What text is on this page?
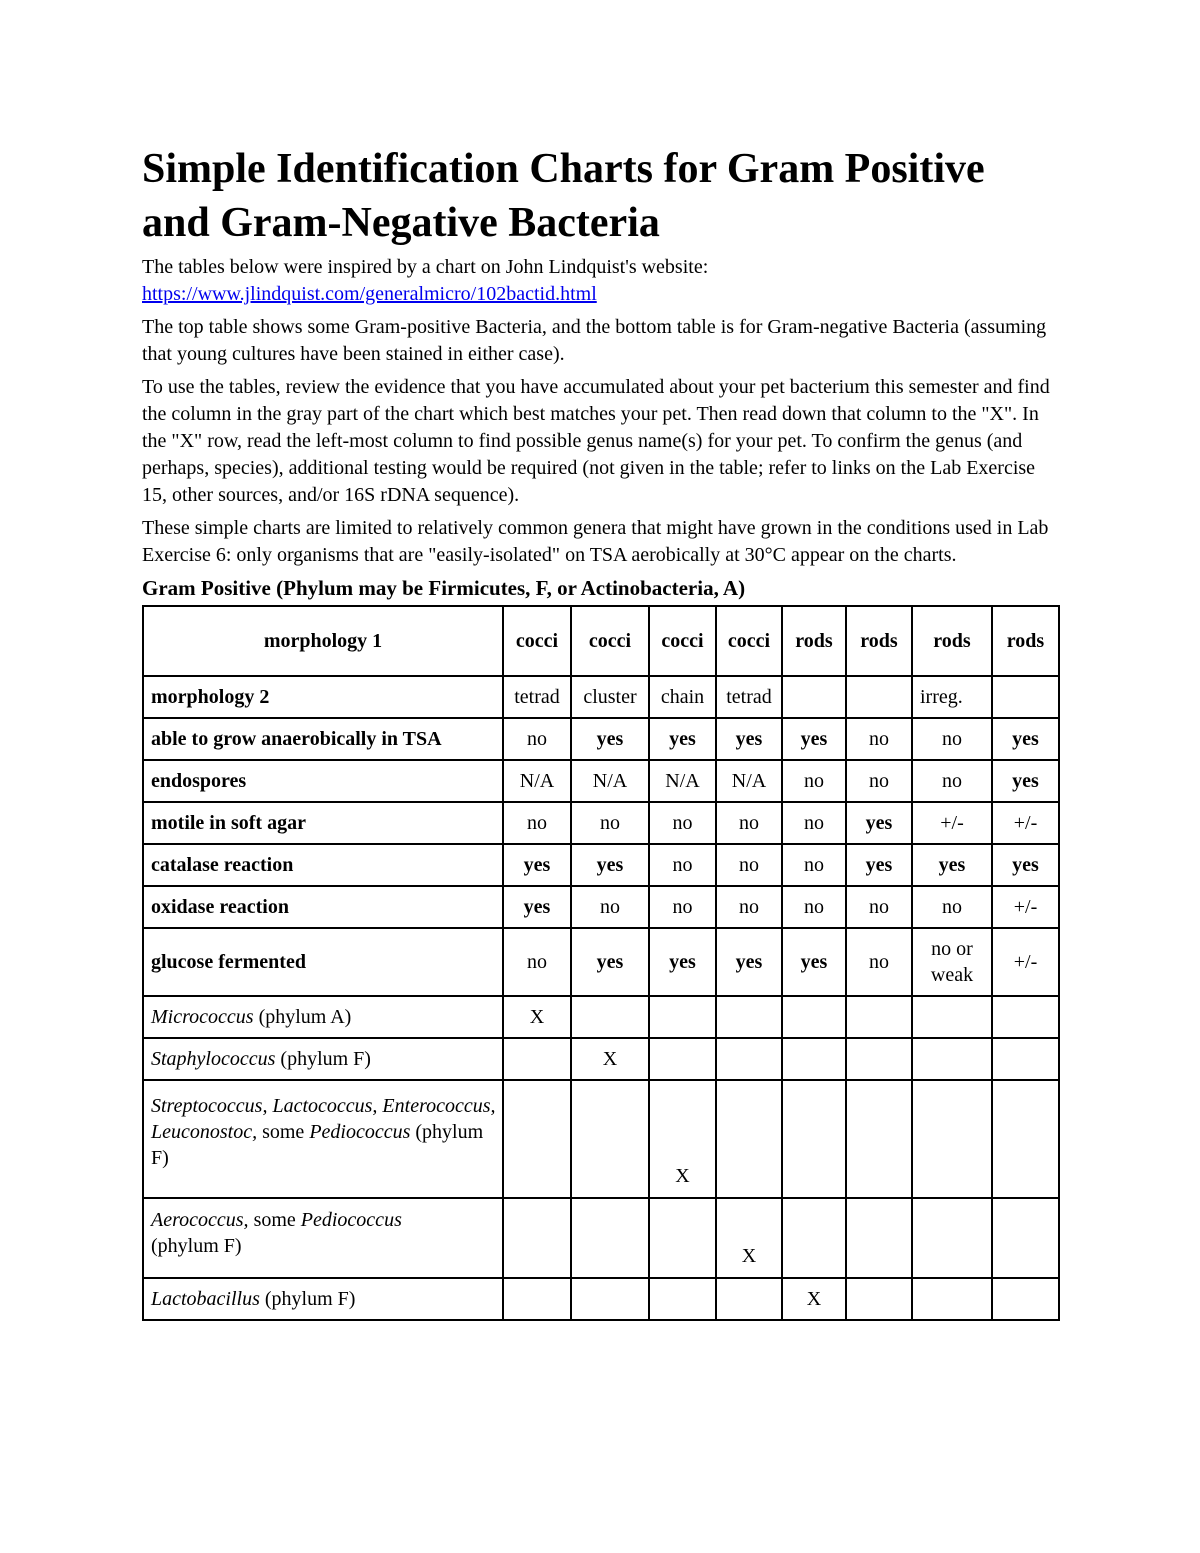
Simple Identification Charts for Gram Positive and Gram-Negative Bacteria

The tables below were inspired by a chart on John Lindquist's website:
https://www.jlindquist.com/generalmicro/102bactid.html

The top table shows some Gram-positive Bacteria, and the bottom table is for Gram-negative Bacteria (assuming that young cultures have been stained in either case).

To use the tables, review the evidence that you have accumulated about your pet bacterium this semester and find the column in the gray part of the chart which best matches your pet. Then read down that column to the "X". In the "X" row, read the left-most column to find possible genus name(s) for your pet. To confirm the genus (and perhaps, species), additional testing would be required (not given in the table; refer to links on the Lab Exercise 15, other sources, and/or 16S rDNA sequence).

These simple charts are limited to relatively common genera that might have grown in the conditions used in Lab Exercise 6: only organisms that are "easily-isolated" on TSA aerobically at 30°C appear on the charts.

Gram Positive (Phylum may be Firmicutes, F, or Actinobacteria, A)
morphology 1	cocci	cocci	cocci	cocci	rods	rods	rods	rods
morphology 2	tetrad	cluster	chain	tetrad			irreg.	
able to grow anaerobically in TSA	no	yes	yes	yes	yes	no	no	yes
endospores	N/A	N/A	N/A	N/A	no	no	no	yes
motile in soft agar	no	no	no	no	no	yes	+/-	+/-
catalase reaction	yes	yes	no	no	no	yes	yes	yes
oxidase reaction	yes	no	no	no	no	no	no	+/-
glucose fermented	no	yes	yes	yes	yes	no	no or weak	+/-
Micrococcus (phylum A)	X							
Staphylococcus (phylum F)		X						
Streptococcus, Lactococcus, Enterococcus, Leuconostoc, some Pediococcus (phylum F)			X					
Aerococcus, some Pediococcus
(phylum F)				X				
Lactobacillus (phylum F)					X			
